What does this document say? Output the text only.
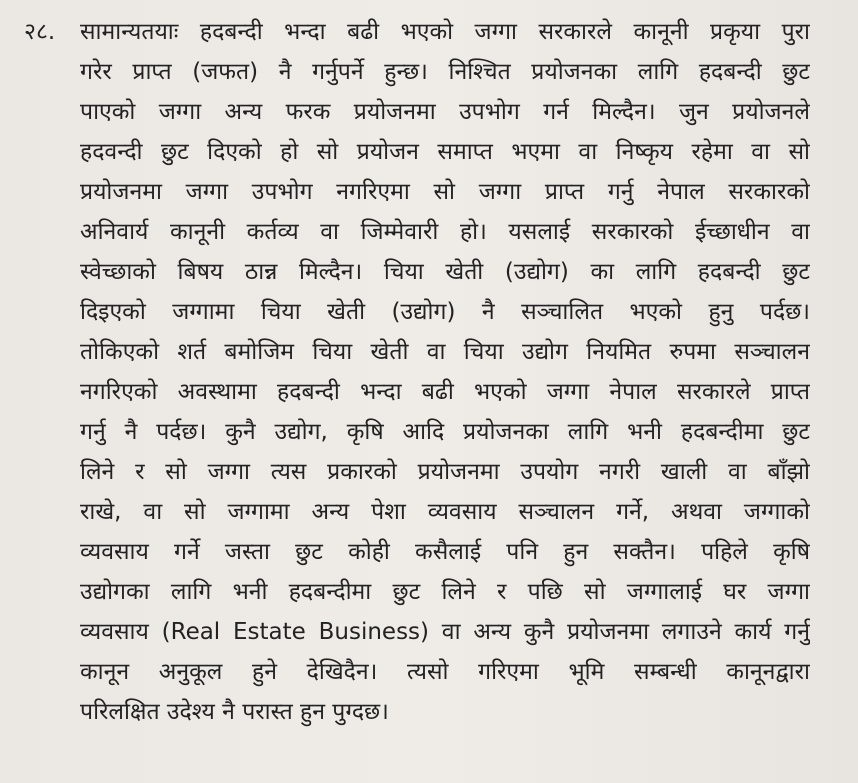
२८. सामान्यतयाः हदबन्दी भन्दा बढी भएको जग्गा सरकारले कानूनी प्रकृया पुरा
गरेर प्राप्त (जफत) नै गर्नुपर्ने हुन्छ। निश्चित प्रयोजनका लागि हदबन्दी छुट
पाएको जग्गा अन्य फरक प्रयोजनमा उपभोग गर्न मिल्दैन। जुन प्रयोजनले
हदवन्दी छुट दिएको हो सो प्रयोजन समाप्त भएमा वा निष्कृय रहेमा वा सो
प्रयोजनमा जग्गा उपभोग नगरिएमा सो जग्गा प्राप्त गर्नु नेपाल सरकारको
अनिवार्य कानूनी कर्तव्य वा जिम्मेवारी हो। यसलाई सरकारको ईच्छाधीन वा
स्वेच्छाको बिषय ठान्न मिल्दैन। चिया खेती (उद्योग) का लागि हदबन्दी छुट
दिइएको जग्गामा चिया खेती (उद्योग) नै सञ्चालित भएको हुनु पर्दछ।
तोकिएको शर्त बमोजिम चिया खेती वा चिया उद्योग नियमित रुपमा सञ्चालन
नगरिएको अवस्थामा हदबन्दी भन्दा बढी भएको जग्गा नेपाल सरकारले प्राप्त
गर्नु नै पर्दछ। कुनै उद्योग, कृषि आदि प्रयोजनका लागि भनी हदबन्दीमा छुट
लिने र सो जग्गा त्यस प्रकारको प्रयोजनमा उपयोग नगरी खाली वा बाँझो
राखे, वा सो जग्गामा अन्य पेशा व्यवसाय सञ्चालन गर्ने, अथवा जग्गाको
व्यवसाय गर्ने जस्ता छुट कोही कसैलाई पनि हुन सक्तैन। पहिले कृषि
उद्योगका लागि भनी हदबन्दीमा छुट लिने र पछि सो जग्गालाई घर जग्गा
व्यवसाय (Real Estate Business) वा अन्य कुनै प्रयोजनमा लगाउने कार्य गर्नु
कानून अनुकूल हुने देखिदैन। त्यसो गरिएमा भूमि सम्बन्धी कानूनद्वारा
परिलक्षित उदेश्य नै परास्त हुन पुग्दछ।
